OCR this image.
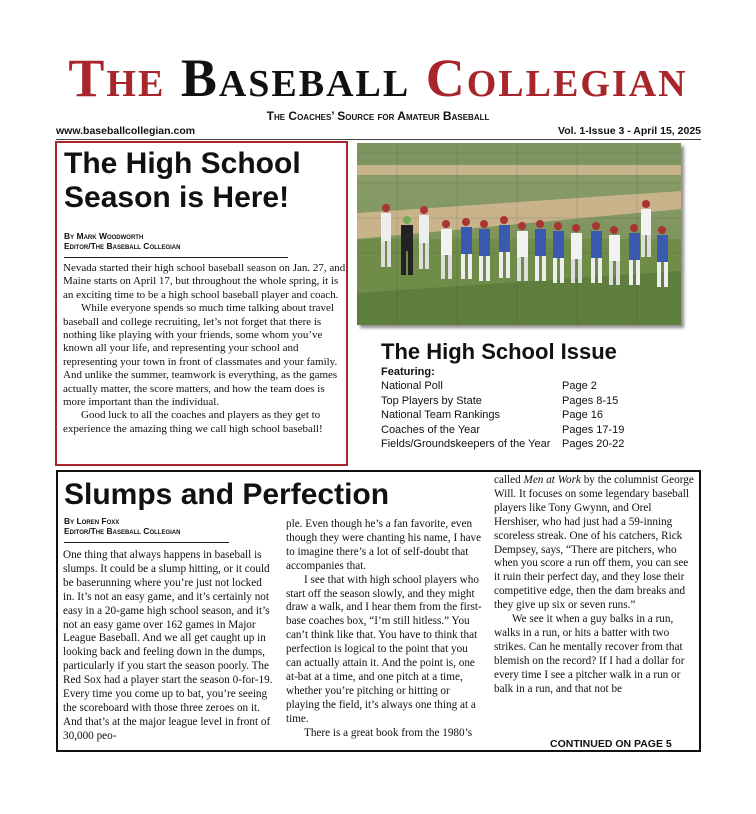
The Baseball Collegian
The Coaches’ Source for Amateur Baseball
www.baseballcollegian.com	Vol. 1-Issue 3 - April 15, 2025
The High School Season is Here!
By Mark Woodworth
Editor/The Baseball Collegian

Nevada started their high school baseball season on Jan. 27, and Maine starts on April 17, but throughout the whole spring, it is an exciting time to be a high school baseball player and coach.

While everyone spends so much time talking about travel baseball and college recruiting, let’s not forget that there is nothing like playing with your friends, some whom you’ve known all your life, and representing your school and representing your town in front of classmates and your family. And unlike the summer, teamwork is everything, as the games actually matter, the score matters, and how the team does is more important than the individual.

Good luck to all the coaches and players as they get to experience the amazing thing we call high school baseball!

The High School Issue
Featuring:
National Poll	Page 2
Top Players by State	Pages 8-15
National Team Rankings	Page 16
Coaches of the Year	Pages 17-19
Fields/Groundskeepers of the Year Pages 20-22
Slumps and Perfection
By Loren Foxx
Editor/The Baseball Collegian

One thing that always happens in baseball is slumps. It could be a slump hitting, or it could be baserunning where you’re just not locked in. It’s not an easy game, and it’s certainly not easy in a 20-game high school season, and it’s not an easy game over 162 games in Major League Baseball. And we all get caught up in looking back and feeling down in the dumps, particularly if you start the season poorly. The Red Sox had a player start the season 0-for-19. Every time you come up to bat, you’re seeing the scoreboard with those three zeroes on it. And that’s at the major league level in front of 30,000 peo-

ple. Even though he’s a fan favorite, even though they were chanting his name, I have to imagine there’s a lot of self-doubt that accompanies that.

I see that with high school players who start off the season slowly, and they might draw a walk, and I hear them from the first-base coaches box, “I’m still hitless.” You can’t think like that. You have to think that perfection is logical to the point that you can actually attain it. And the point is, one at-bat at a time, and one pitch at a time, whether you’re pitching or hitting or playing the field, it’s always one thing at a time.

There is a great book from the 1980’s

called Men at Work by the columnist George Will. It focuses on some legendary baseball players like Tony Gwynn, and Orel Hershiser, who had just had a 59-inning scoreless streak. One of his catchers, Rick Dempsey, says, “There are pitchers, who when you score a run off them, you can see it ruin their perfect day, and they lose their competitive edge, then the dam breaks and they give up six or seven runs.”

We see it when a guy balks in a run, walks in a run, or hits a batter with two strikes. Can he mentally recover from that blemish on the record? If I had a dollar for every time I see a pitcher walk in a run or balk in a run, and that not be

CONTINUED ON PAGE 5
